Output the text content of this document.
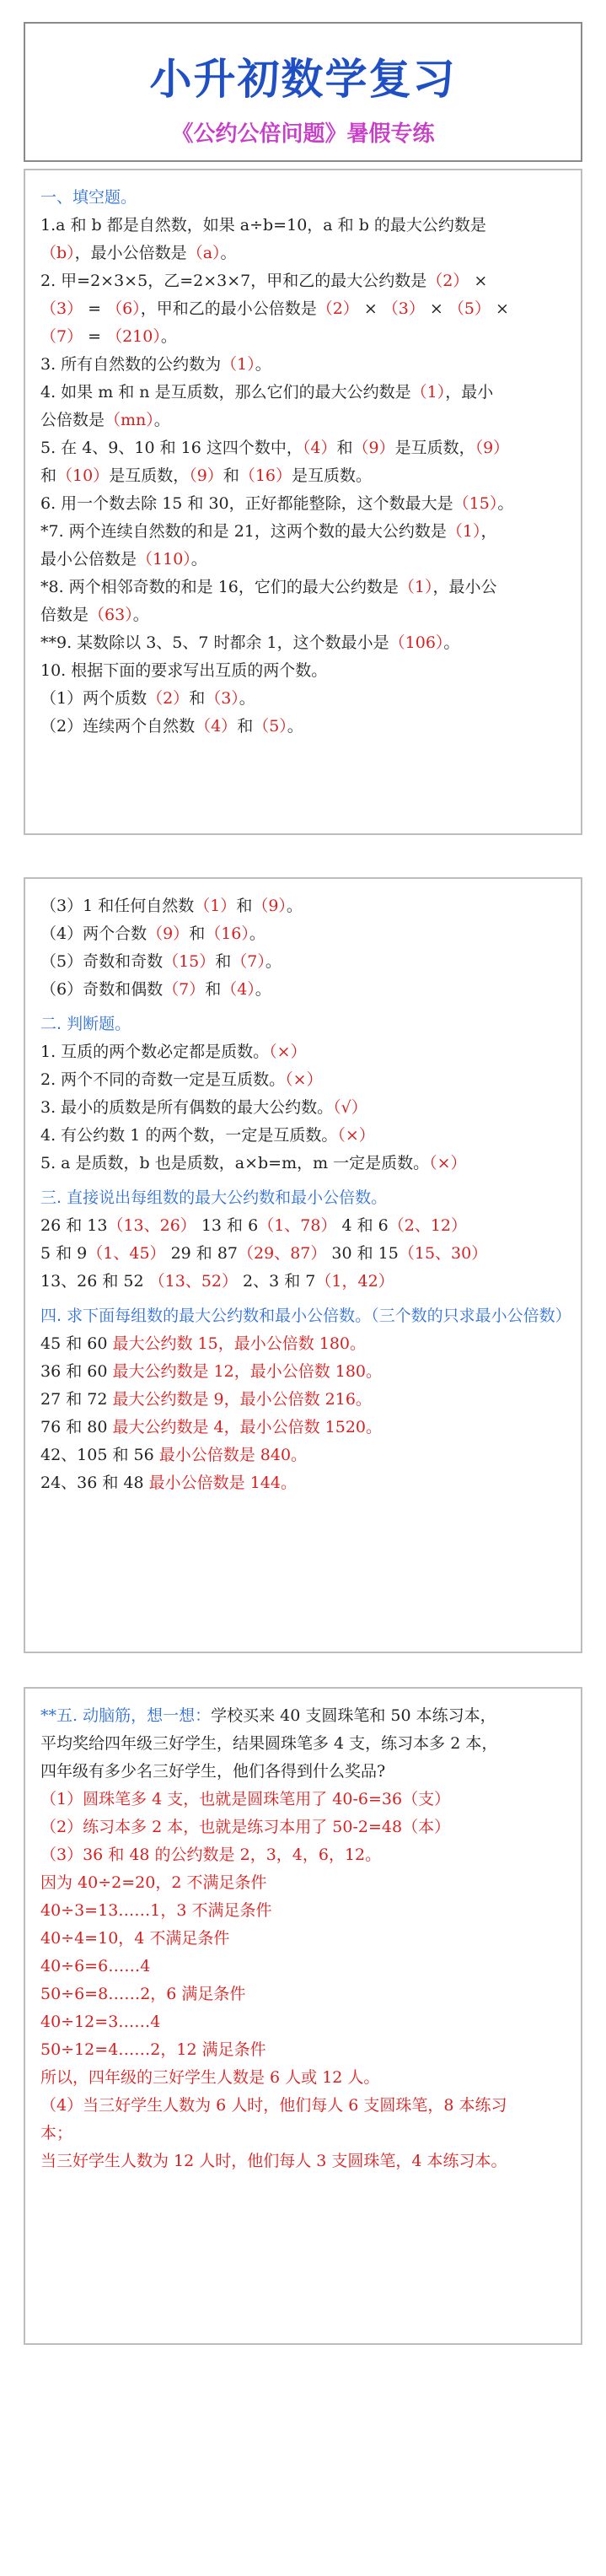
小升初数学复习
《公约公倍问题》暑假专练
一、填空题。
1.a 和 b 都是自然数，如果 a÷b=10，a 和 b 的最大公约数是
（b），最小公倍数是（a）。
2. 甲=2×3×5，乙=2×3×7，甲和乙的最大公约数是（2） ×
（3） = （6），甲和乙的最小公倍数是（2） × （3） × （5） ×
（7） = （210）。
3. 所有自然数的公约数为（1）。
4. 如果 m 和 n 是互质数，那么它们的最大公约数是（1），最小
公倍数是（mn）。
5. 在 4、9、10 和 16 这四个数中，（4）和（9）是互质数，（9）
和（10）是互质数，（9）和（16）是互质数。
6. 用一个数去除 15 和 30，正好都能整除，这个数最大是（15）。
*7. 两个连续自然数的和是 21，这两个数的最大公约数是（1），
最小公倍数是（110）。
*8. 两个相邻奇数的和是 16，它们的最大公约数是（1），最小公
倍数是（63）。
**9. 某数除以 3、5、7 时都余 1，这个数最小是（106）。
10. 根据下面的要求写出互质的两个数。
（1）两个质数（2）和（3）。
（2）连续两个自然数（4）和（5）。
（3）1 和任何自然数（1）和（9）。
（4）两个合数（9）和（16）。
（5）奇数和奇数（15）和（7）。
（6）奇数和偶数（7）和（4）。
二. 判断题。
1. 互质的两个数必定都是质数。（×）
2. 两个不同的奇数一定是互质数。（×）
3. 最小的质数是所有偶数的最大公约数。（√）
4. 有公约数 1 的两个数，一定是互质数。（×）
5. a 是质数，b 也是质数，a×b=m，m 一定是质数。（×）
三. 直接说出每组数的最大公约数和最小公倍数。
26 和 13（13、26） 13 和 6（1、78） 4 和 6（2、12）
5 和 9（1、45） 29 和 87（29、87） 30 和 15（15、30）
13、26 和 52 （13、52） 2、3 和 7（1，42）
四. 求下面每组数的最大公约数和最小公倍数。（三个数的只求最小公倍数）
45 和 60 最大公约数 15，最小公倍数 180。
36 和 60 最大公约数是 12，最小公倍数 180。
27 和 72 最大公约数是 9，最小公倍数 216。
76 和 80 最大公约数是 4，最小公倍数 1520。
42、105 和 56 最小公倍数是 840。
24、36 和 48 最小公倍数是 144。
**五. 动脑筋，想一想：学校买来 40 支圆珠笔和 50 本练习本，
平均奖给四年级三好学生，结果圆珠笔多 4 支，练习本多 2 本，
四年级有多少名三好学生，他们各得到什么奖品?
（1）圆珠笔多 4 支，也就是圆珠笔用了 40-6=36（支）
（2）练习本多 2 本，也就是练习本用了 50-2=48（本）
（3）36 和 48 的公约数是 2，3，4，6，12。
因为 40÷2=20，2 不满足条件
40÷3=13……1，3 不满足条件
40÷4=10，4 不满足条件
40÷6=6……4
50÷6=8……2，6 满足条件
40÷12=3……4
50÷12=4……2，12 满足条件
所以，四年级的三好学生人数是 6 人或 12 人。
（4）当三好学生人数为 6 人时，他们每人 6 支圆珠笔，8 本练习
本；
当三好学生人数为 12 人时，他们每人 3 支圆珠笔，4 本练习本。
